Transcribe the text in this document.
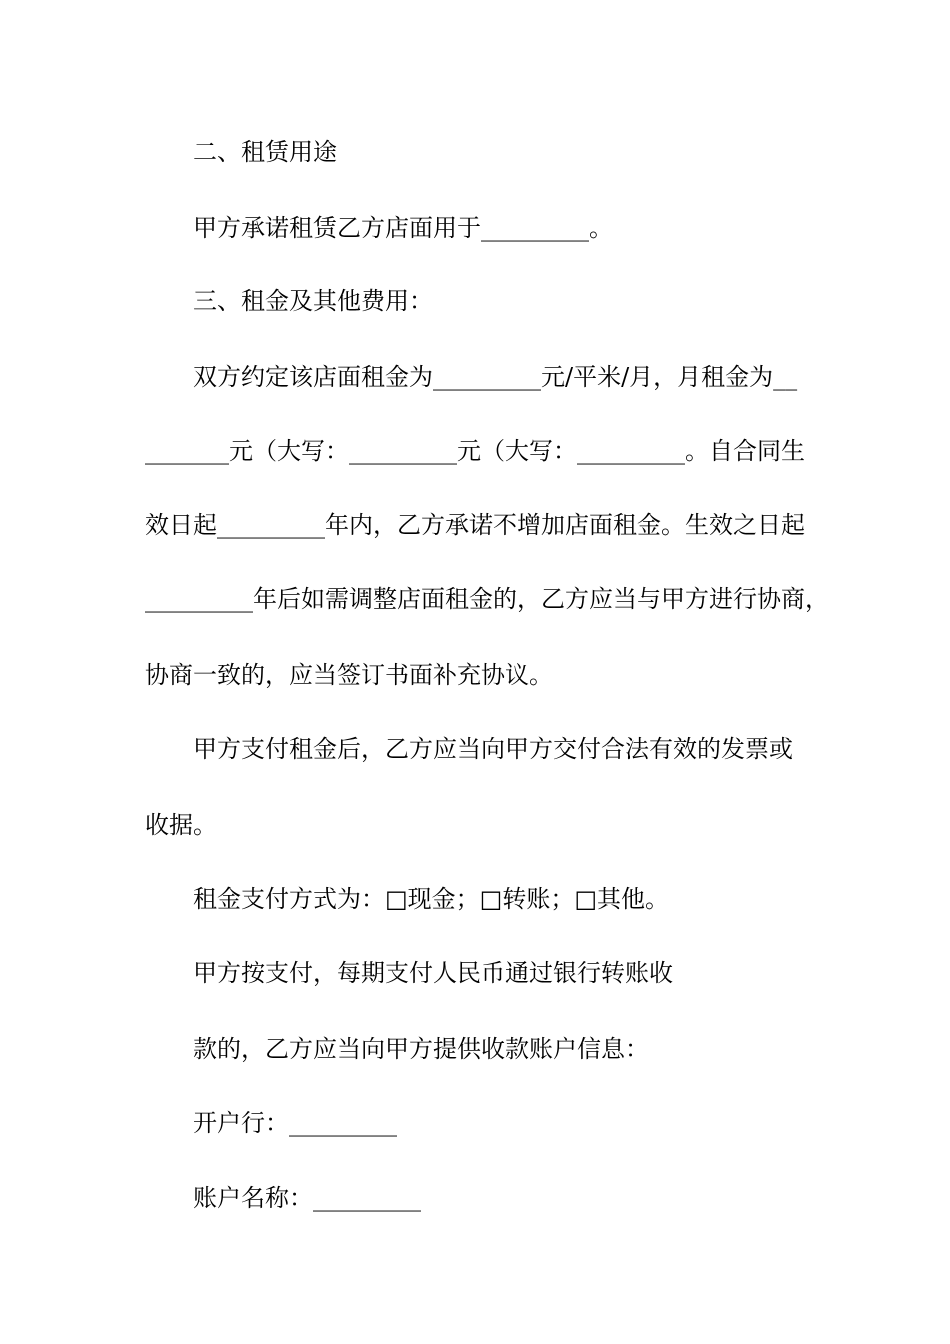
二、租赁用途
甲方承诺租赁乙方店面用于_________。
三、租金及其他费用：
双方约定该店面租金为_________元/平米/月，月租金为__
_______元（大写：_________元（大写：_________。自合同生
效日起_________年内，乙方承诺不增加店面租金。生效之日起
_________年后如需调整店面租金的，乙方应当与甲方进行协商，
协商一致的，应当签订书面补充协议。
甲方支付租金后，乙方应当向甲方交付合法有效的发票或
收据。
租金支付方式为：□现金；□转账；□其他。
甲方按支付，每期支付人民币通过银行转账收
款的，乙方应当向甲方提供收款账户信息：
开户行：_________
账户名称：_________
